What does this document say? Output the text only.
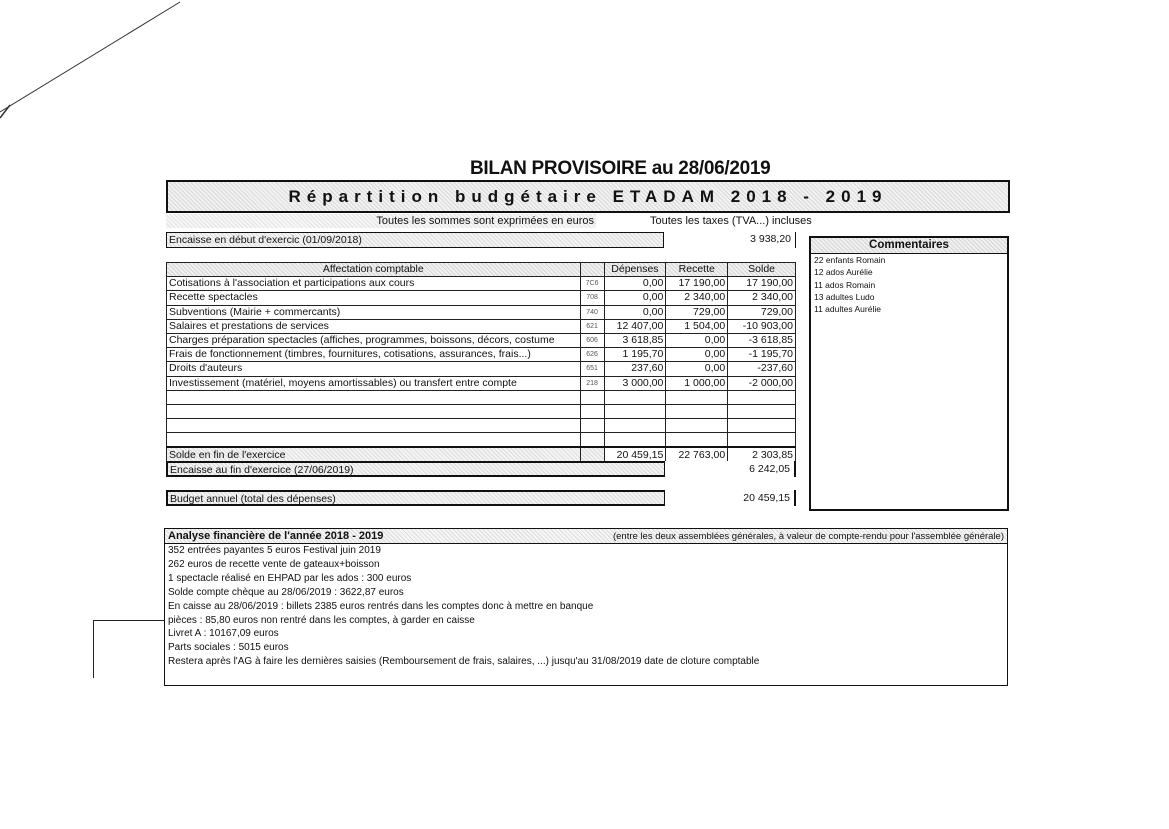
BILAN PROVISOIRE au 28/06/2019
Répartition budgétaire ETADAM 2018 - 2019
Toutes les sommes sont exprimées en euros	Toutes les taxes (TVA...) incluses
Encaisse en début d'exercic (01/09/2018)	3 938,20
Affectation comptable		Dépenses	Recette	Solde
Cotisations à l'association et participations aux cours	7C6	0,00	17 190,00	17 190,00
Recette spectacles	708	0,00	2 340,00	2 340,00
Subventions (Mairie + commercants)	740	0,00	729,00	729,00
Salaires et prestations de services	621	12 407,00	1 504,00	-10 903,00
Charges préparation spectacles (affiches, programmes, boissons, décors, costume	606	3 618,85	0,00	-3 618,85
Frais de fonctionnement (timbres, fournitures, cotisations, assurances, frais...)	626	1 195,70	0,00	-1 195,70
Droits d'auteurs	651	237,60	0,00	-237,60
Investissement (matériel, moyens amortissables) ou transfert entre compte	218	3 000,00	1 000,00	-2 000,00

Solde en fin de l'exercice		20 459,15	22 763,00	2 303,85
Encaisse au fin d'exercice (27/06/2019)	6 242,05
Budget annuel (total des dépenses)	20 459,15
Commentaires
22 enfants Romain
12 ados Aurélie
11 ados Romain
13 adultes Ludo
11 adultes Aurélie
Analyse financière de l'année 2018 - 2019	(entre les deux assemblées générales, à valeur de compte-rendu pour l'assemblée générale)
352 entrées payantes 5 euros Festival juin 2019
262 euros de recette vente de gateaux+boisson
1 spectacle réalisé en EHPAD par les ados : 300 euros
Solde compte chèque au 28/06/2019 : 3622,87 euros
En caisse au 28/06/2019 : billets 2385 euros rentrés dans les comptes donc à mettre en banque
pièces : 85,80 euros non rentré dans les comptes, à garder en caisse
Livret A : 10167,09 euros
Parts sociales : 5015 euros
Restera après l'AG à faire les dernières saisies (Remboursement de frais, salaires, ...) jusqu'au 31/08/2019 date de cloture comptable
